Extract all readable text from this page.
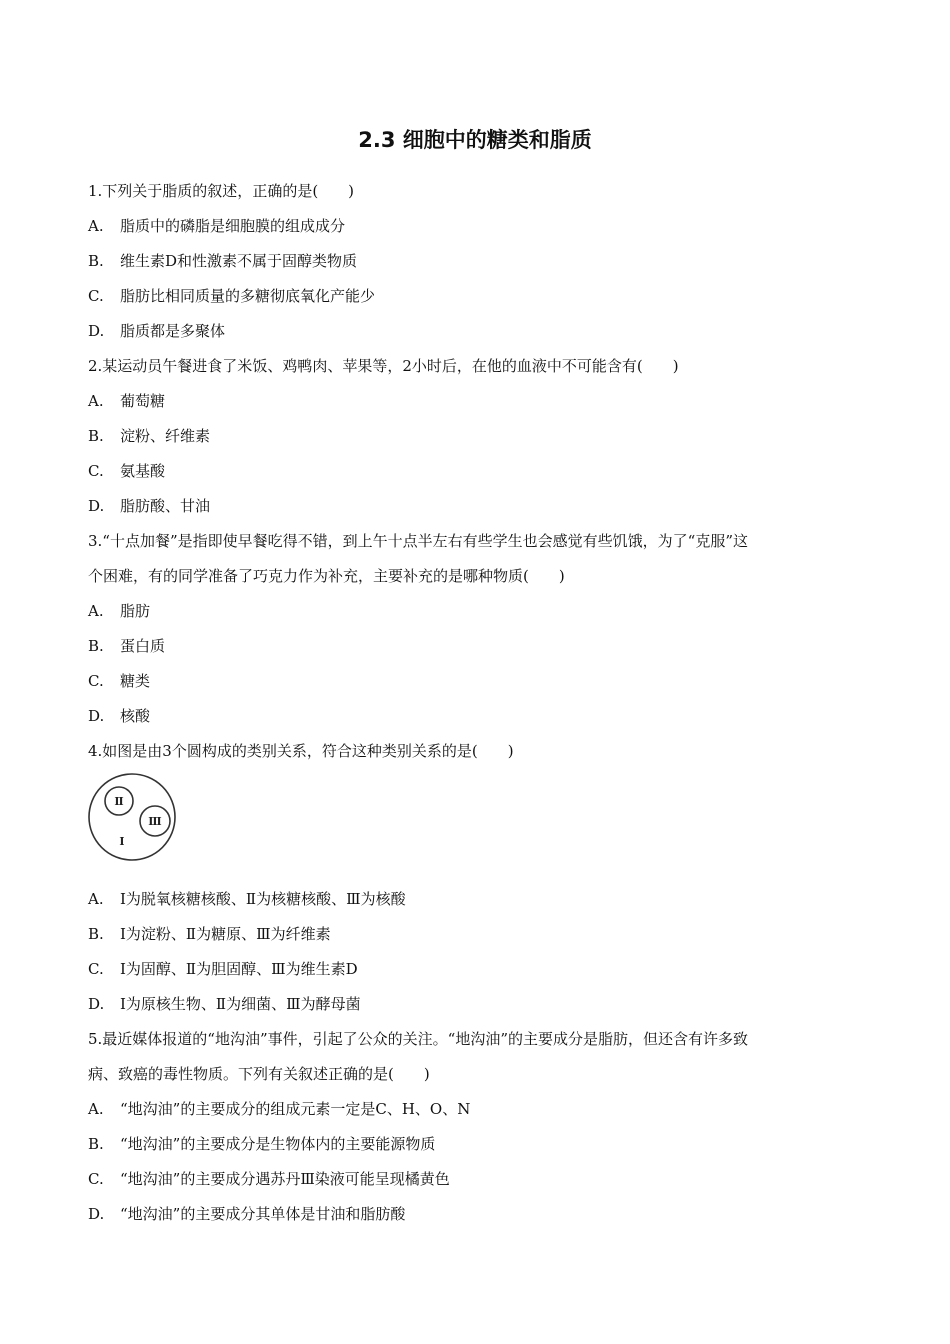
2.3 细胞中的糖类和脂质
1.下列关于脂质的叙述，正确的是(　　)
A. 脂质中的磷脂是细胞膜的组成成分
B. 维生素D和性激素不属于固醇类物质
C. 脂肪比相同质量的多糖彻底氧化产能少
D. 脂质都是多聚体
2.某运动员午餐进食了米饭、鸡鸭肉、苹果等，2小时后，在他的血液中不可能含有(　　)
A. 葡萄糖
B. 淀粉、纤维素
C. 氨基酸
D. 脂肪酸、甘油
3.“十点加餐”是指即使早餐吃得不错，到上午十点半左右有些学生也会感觉有些饥饿，为了“克服”这
个困难，有的同学准备了巧克力作为补充，主要补充的是哪种物质(　　)
A. 脂肪
B. 蛋白质
C. 糖类
D. 核酸
4.如图是由3个圆构成的类别关系，符合这种类别关系的是(　　)
Ⅱ
Ⅲ
Ⅰ
A. Ⅰ为脱氧核糖核酸、Ⅱ为核糖核酸、Ⅲ为核酸
B. Ⅰ为淀粉、Ⅱ为糖原、Ⅲ为纤维素
C. Ⅰ为固醇、Ⅱ为胆固醇、Ⅲ为维生素D
D. Ⅰ为原核生物、Ⅱ为细菌、Ⅲ为酵母菌
5.最近媒体报道的“地沟油”事件，引起了公众的关注。“地沟油”的主要成分是脂肪，但还含有许多致
病、致癌的毒性物质。下列有关叙述正确的是(　　)
A. “地沟油”的主要成分的组成元素一定是C、H、O、N
B. “地沟油”的主要成分是生物体内的主要能源物质
C. “地沟油”的主要成分遇苏丹Ⅲ染液可能呈现橘黄色
D. “地沟油”的主要成分其单体是甘油和脂肪酸
